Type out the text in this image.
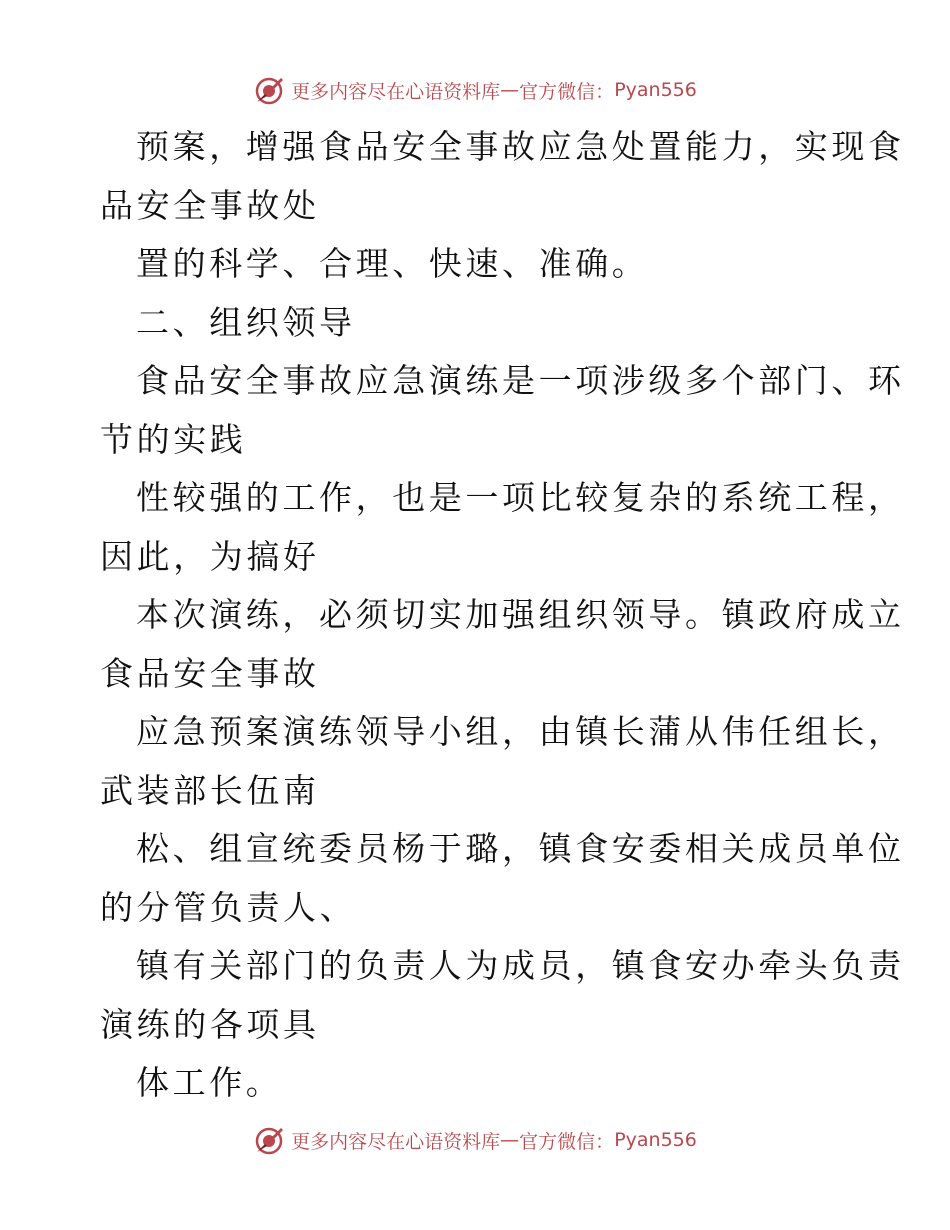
更多内容尽在心语资料库 — 官方微信： Pyan556
预案，增强食品安全事故应急处置能力，实现食
品安全事故处
置的科学、合理、快速、准确。
二、组织领导
食品安全事故应急演练是一项涉级多个部门、环
节的实践
性较强的工作，也是一项比较复杂的系统工程，
因此，为搞好
本次演练，必须切实加强组织领导。镇政府成立
食品安全事故
应急预案演练领导小组，由镇长蒲从伟任组长，
武装部长伍南
松、组宣统委员杨于璐，镇食安委相关成员单位
的分管负责人、
镇有关部门的负责人为成员，镇食安办牵头负责
演练的各项具
体工作。
更多内容尽在心语资料库 — 官方微信： Pyan556
